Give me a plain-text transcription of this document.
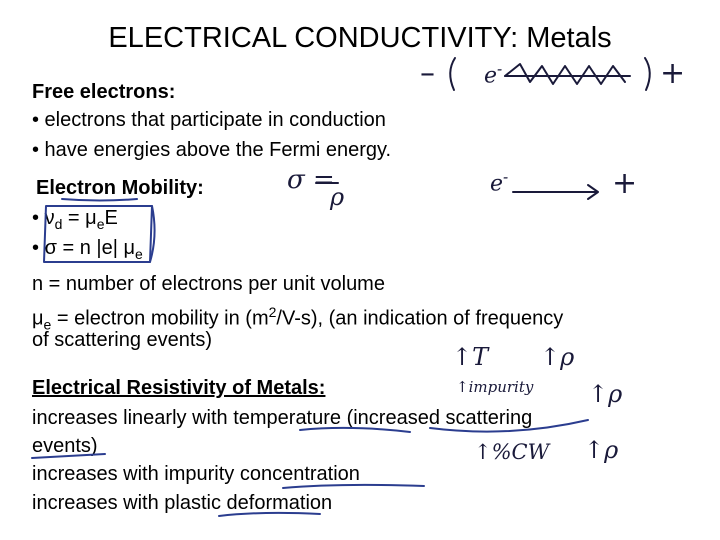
ELECTRICAL CONDUCTIVITY: Metals
Free electrons:
• electrons that participate in conduction
• have energies above the Fermi energy.
Electron Mobility:
• $\nu_d = \mu_eE$
• σ = n |e| $\mu_e$
n = number of electrons per unit volume
$\mu_e$ = electron mobility in $(m^2/V-s)$, (an indication of frequency
of scattering events)
Electrical Resistivity of Metals:
increases linearly with temperature (increased scattering
events)
increases with impurity concentration
increases with plastic deformation
– e-	+
σ =
ρ	e-	+
↑T ↑ρ
↑impurity ↑ρ
↑%CW ↑ρ
